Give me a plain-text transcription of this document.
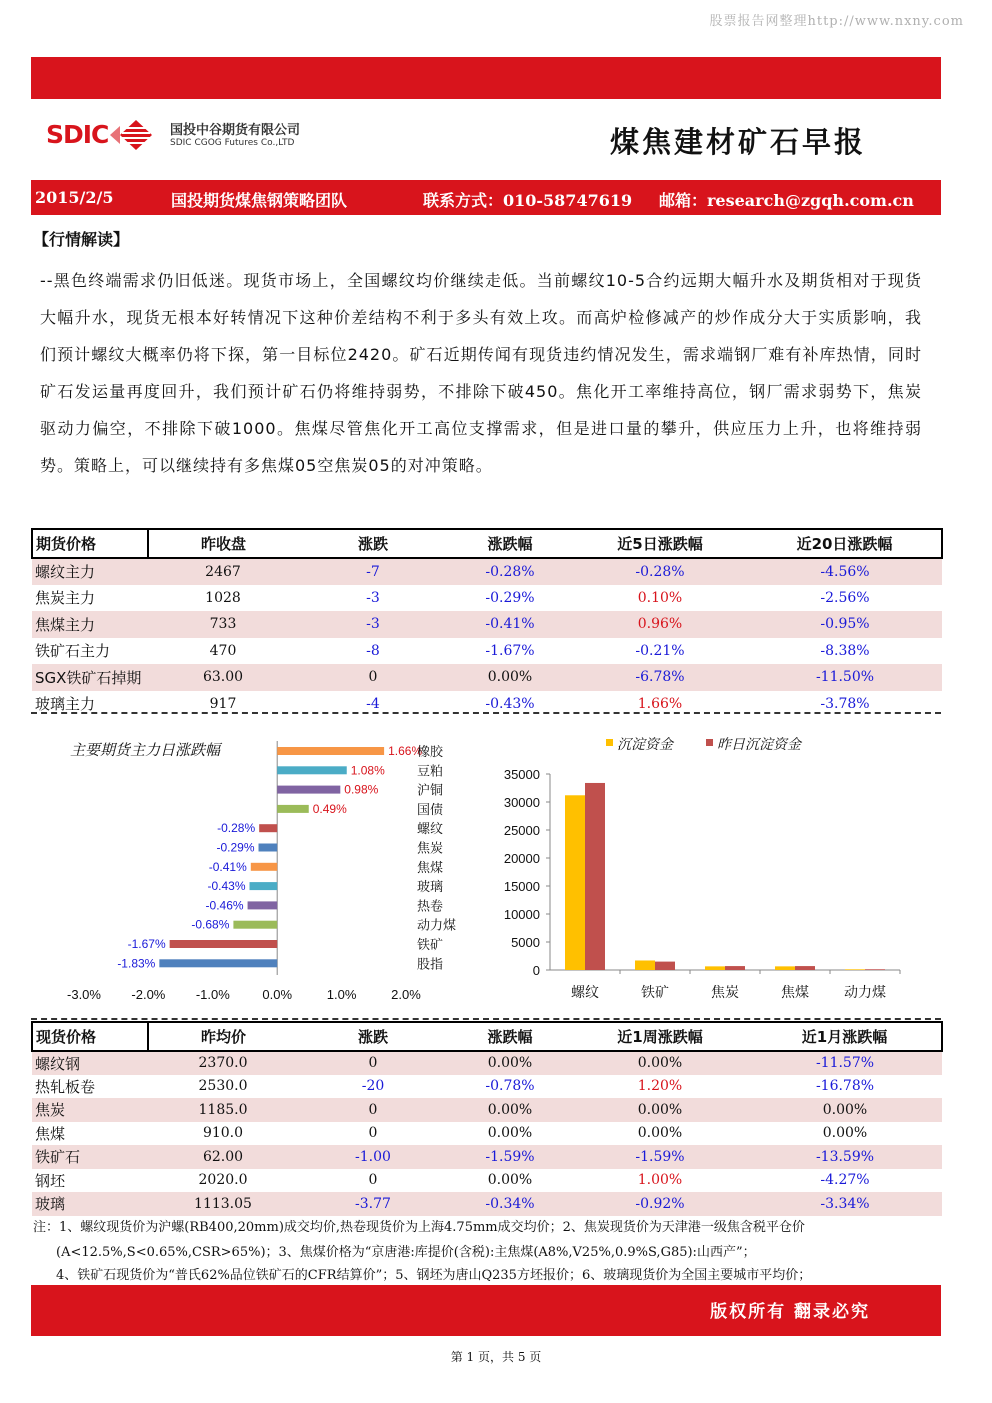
股票报告网整理http://www.nxny.com
SDIC	国投中谷期货有限公司
SDIC CGOG Futures Co.,LTD	煤焦建材矿石早报
2015/2/5	国投期货煤焦钢策略团队	联系方式：010-58747619 邮箱：research@zgqh.com.cn
【行情解读】
--黑色终端需求仍旧低迷。现货市场上，全国螺纹均价继续走低。当前螺纹10-5合约远期大幅升水及期货相对于现货大幅升水，现货无根本好转情况下这种价差结构不利于多头有效上攻。而高炉检修减产的炒作成分大于实质影响，我们预计螺纹大概率仍将下探，第一目标位2420。矿石近期传闻有现货违约情况发生，需求端钢厂难有补库热情，同时矿石发运量再度回升，我们预计矿石仍将维持弱势，不排除下破450。焦化开工率维持高位，钢厂需求弱势下，焦炭驱动力偏空，不排除下破1000。焦煤尽管焦化开工高位支撑需求，但是进口量的攀升，供应压力上升，也将维持弱势。策略上，可以继续持有多焦煤05空焦炭05的对冲策略。
期货价格	昨收盘	涨跌	涨跌幅	近5日涨跌幅	近20日涨跌幅
螺纹主力	2467	-7	-0.28%	-0.28%	-4.56%
焦炭主力	1028	-3	-0.29%	0.10%	-2.56%
焦煤主力	733	-3	-0.41%	0.96%	-0.95%
铁矿石主力	470	-8	-1.67%	-0.21%	-8.38%
SGX铁矿石掉期	63.00	0	0.00%	-6.78%	-11.50%
玻璃主力	917	-4	-0.43%	1.66%	-3.78%
1.66%
1.08%
0.98%
0.49%
-0.28%
-0.29%
-0.41%
-0.43%
-0.46%
-0.68%
-1.67%
-1.83%
橡胶
豆粕
沪铜
国债
螺纹
焦炭
焦煤
玻璃
热卷
动力煤
铁矿
股指
-3.0% -2.0% -1.0%	0.0%	1.0%	2.0%
主要期货主力日涨跌幅	沉淀资金	昨日沉淀资金
0
5000
10000
15000
20000
25000
30000
35000
螺纹	铁矿	焦炭	焦煤	动力煤
现货价格	昨均价	涨跌	涨跌幅	近1周涨跌幅	近1月涨跌幅
螺纹钢	2370.0	0	0.00%	0.00%	-11.57%
热轧板卷	2530.0	-20	-0.78%	1.20%	-16.78%
焦炭	1185.0	0	0.00%	0.00%	0.00%
焦煤	910.0	0	0.00%	0.00%	0.00%
铁矿石	62.00	-1.00	-1.59%	-1.59%	-13.59%
钢坯	2020.0	0	0.00%	1.00%	-4.27%
玻璃	1113.05	-3.77	-0.34%	-0.92%	-3.34%
注：1、螺纹现货价为沪螺(RB400,20mm)成交均价,热卷现货价为上海4.75mm成交均价；2、焦炭现货价为天津港一级焦含税平仓价
(A<12.5%,S<0.65%,CSR>65%)；3、焦煤价格为“京唐港:库提价(含税):主焦煤(A8%,V25%,0.9%S,G85):山西产”；
4、铁矿石现货价为“普氏62%品位铁矿石的CFR结算价”；5、钢坯为唐山Q235方坯报价；6、玻璃现货价为全国主要城市平均价；
版权所有 翻录必究
第 1 页，共 5 页
